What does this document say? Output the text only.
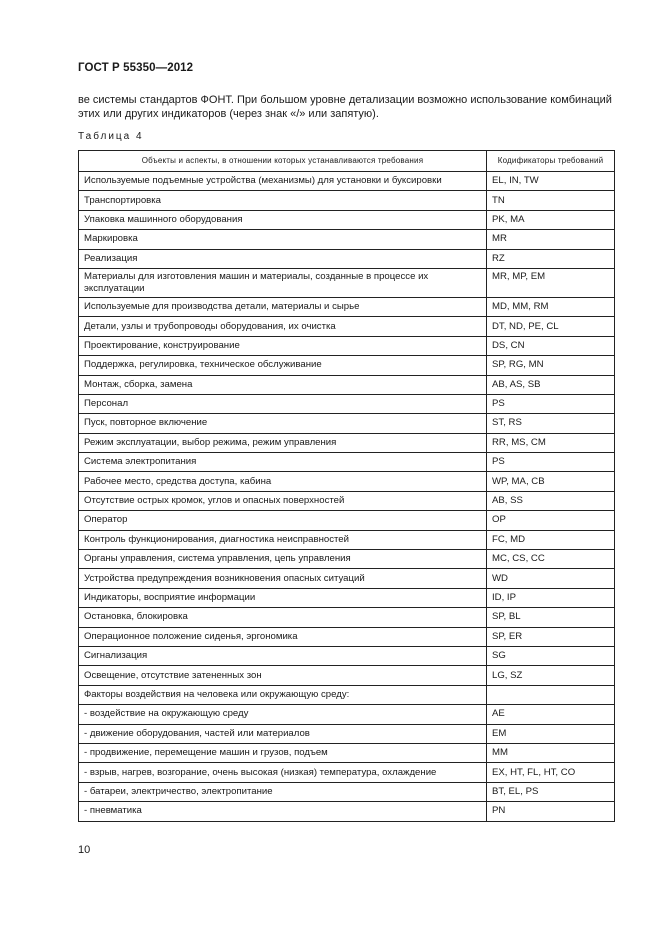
ГОСТ Р 55350—2012
ве системы стандартов ФОНТ. При большом уровне детализации возможно использование комбинаций этих или других индикаторов (через знак «/» или запятую).
Таблица 4
Объекты и аспекты, в отношении которых устанавливаются требования	Кодификаторы требований
Используемые подъемные устройства (механизмы) для установки и буксировки	EL, IN, TW
Транспортировка	TN
Упаковка машинного оборудования	PK, MA
Маркировка	MR
Реализация	RZ
Материалы для изготовления машин и материалы, созданные в процессе их эксплуатации	MR, MP, EM
Используемые для производства детали, материалы и сырье	MD, MM, RM
Детали, узлы и трубопроводы оборудования, их очистка	DT, ND, PE, CL
Проектирование, конструирование	DS, CN
Поддержка, регулировка, техническое обслуживание	SP, RG, MN
Монтаж, сборка, замена	AB, AS, SB
Персонал	PS
Пуск, повторное включение	ST, RS
Режим эксплуатации, выбор режима, режим управления	RR, MS, CM
Система электропитания	PS
Рабочее место, средства доступа, кабина	WP, MA, CB
Отсутствие острых кромок, углов и опасных поверхностей	AB, SS
Оператор	OP
Контроль функционирования, диагностика неисправностей	FC, MD
Органы управления, система управления, цепь управления	MC, CS, CC
Устройства предупреждения возникновения опасных ситуаций	WD
Индикаторы, восприятие информации	ID, IP
Остановка, блокировка	SP, BL
Операционное положение сиденья, эргономика	SP, ER
Сигнализация	SG
Освещение, отсутствие затененных зон	LG, SZ
Факторы воздействия на человека или окружающую среду:	
- воздействие на окружающую среду	AE
- движение оборудования, частей или материалов	EM
- продвижение, перемещение машин и грузов, подъем	MM
- взрыв, нагрев, возгорание, очень высокая (низкая) температура, охлаждение	EX, HT, FL, HT, CO
- батареи, электричество, электропитание	BT, EL, PS
- пневматика	PN
10
